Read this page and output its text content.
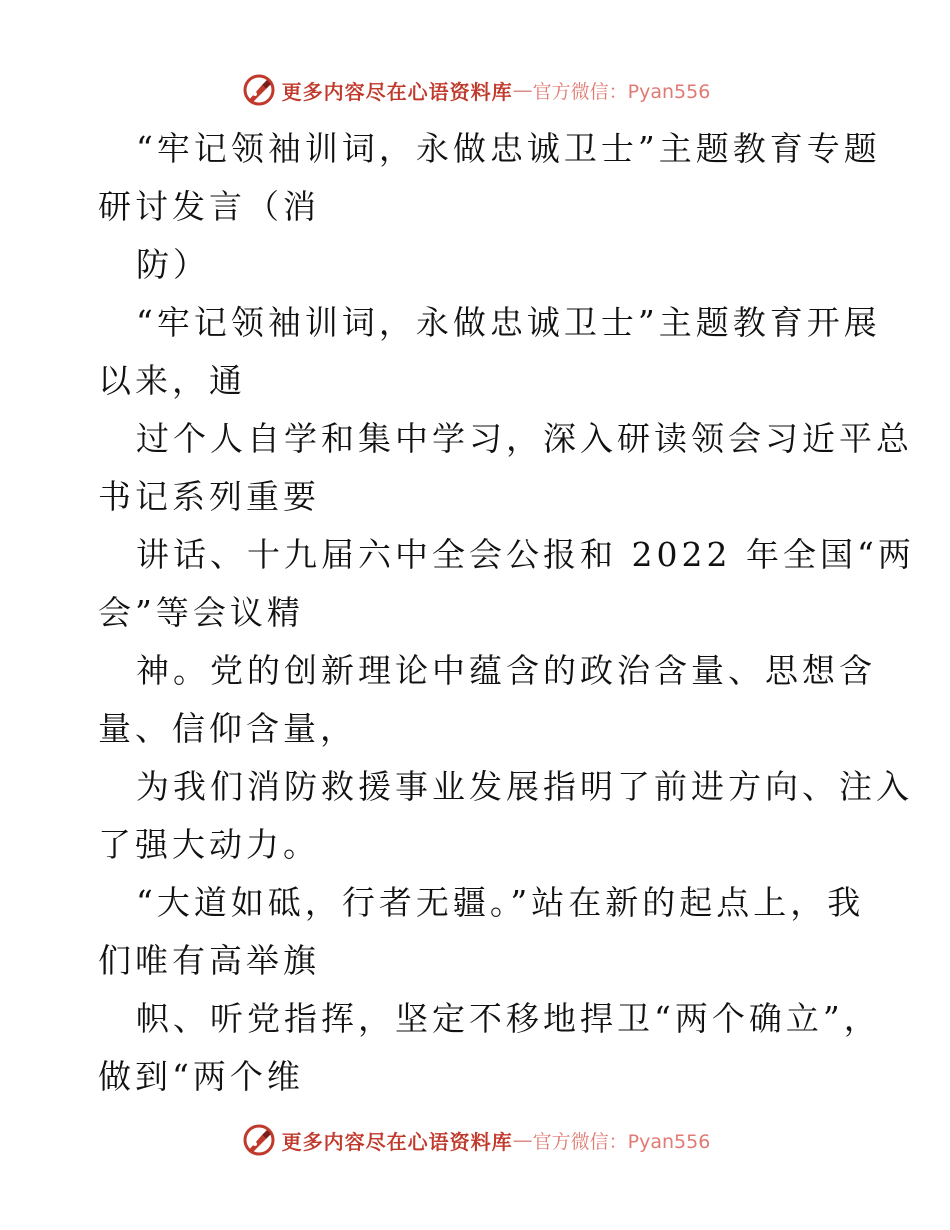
更多内容尽在心语资料库 — 官方微信：Pyan556
“牢记领袖训词，永做忠诚卫士”主题教育专题
研讨发言（消
防）
“牢记领袖训词，永做忠诚卫士”主题教育开展
以来，通
过个人自学和集中学习，深入研读领会习近平总
书记系列重要
讲话、十九届六中全会公报和 2022 年全国“两
会”等会议精
神。党的创新理论中蕴含的政治含量、思想含
量、信仰含量，
为我们消防救援事业发展指明了前进方向、注入
了强大动力。
“大道如砥，行者无疆。”站在新的起点上，我
们唯有高举旗
帜、听党指挥，坚定不移地捍卫“两个确立”，
做到“两个维
更多内容尽在心语资料库 — 官方微信：Pyan556
